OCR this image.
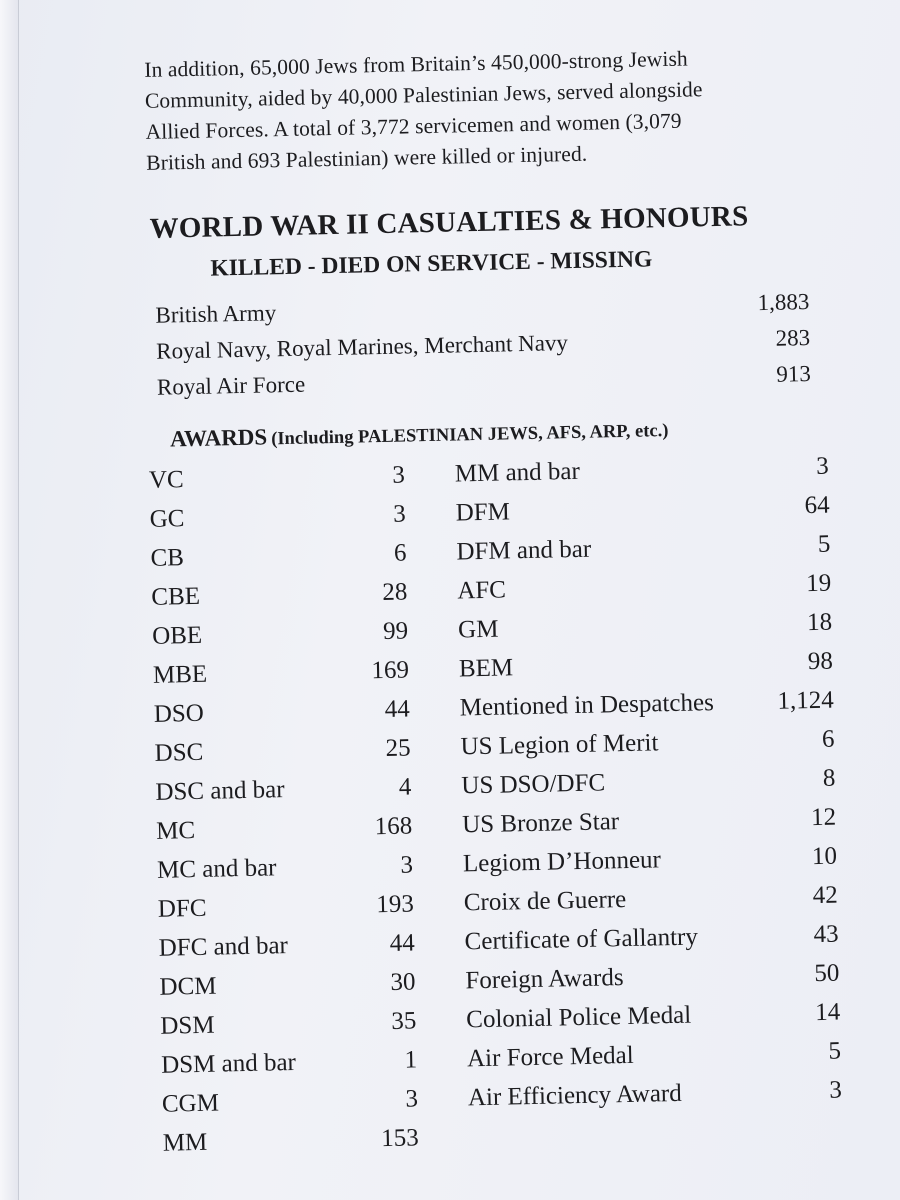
In addition, 65,000 Jews from Britain’s 450,000-strong Jewish
Community, aided by 40,000 Palestinian Jews, served alongside
Allied Forces. A total of 3,772 servicemen and women (3,079
British and 693 Palestinian) were killed or injured.
WORLD WAR II CASUALTIES & HONOURS
KILLED - DIED ON SERVICE - MISSING
British Army	1,883
Royal Navy, Royal Marines, Merchant Navy	283
Royal Air Force	913
AWARDS (Including PALESTINIAN JEWS, AFS, ARP, etc.)
VC	3
GC	3
CB	6
CBE	28
OBE	99
MBE	169
DSO	44
DSC	25
DSC and bar	4
MC	168
MC and bar	3
DFC	193
DFC and bar	44
DCM	30
DSM	35
DSM and bar	1
CGM	3
MM	153
MM and bar	3
DFM	64
DFM and bar	5
AFC	19
GM	18
BEM	98
Mentioned in Despatches	1,124
US Legion of Merit	6
US DSO/DFC	8
US Bronze Star	12
Legiom D’Honneur	10
Croix de Guerre	42
Certificate of Gallantry	43
Foreign Awards	50
Colonial Police Medal	14
Air Force Medal	5
Air Efficiency Award	3
